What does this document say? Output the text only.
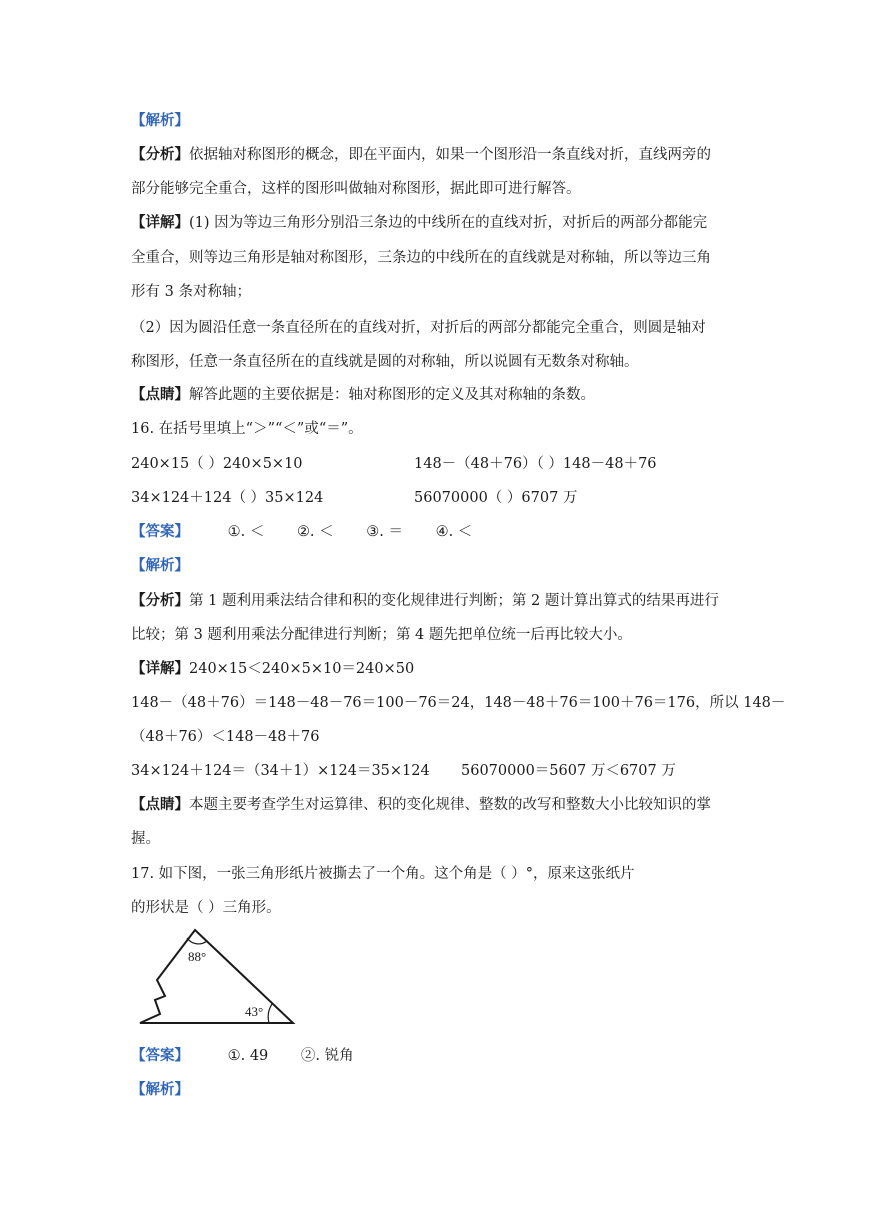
【解析】
【分析】依据轴对称图形的概念，即在平面内，如果一个图形沿一条直线对折，直线两旁的
部分能够完全重合，这样的图形叫做轴对称图形，据此即可进行解答。
【详解】(1) 因为等边三角形分别沿三条边的中线所在的直线对折，对折后的两部分都能完
全重合，则等边三角形是轴对称图形，三条边的中线所在的直线就是对称轴，所以等边三角
形有 3 条对称轴；
（2）因为圆沿任意一条直径所在的直线对折，对折后的两部分都能完全重合，则圆是轴对
称图形，任意一条直径所在的直线就是圆的对称轴，所以说圆有无数条对称轴。
【点睛】解答此题的主要依据是：轴对称图形的定义及其对称轴的条数。
16. 在括号里填上“＞”“＜”或“＝”。
240×15（ ）240×5×10	148－（48＋76）（ ）148－48＋76
34×124＋124（ ）35×124	56070000（ ）6707 万
【答案】	①. ＜ ②. ＜ ③. ＝ ④. ＜
【解析】
【分析】第 1 题利用乘法结合律和积的变化规律进行判断；第 2 题计算出算式的结果再进行
比较；第 3 题利用乘法分配律进行判断；第 4 题先把单位统一后再比较大小。
【详解】240×15＜240×5×10＝240×50
148－（48＋76）＝148－48－76＝100－76＝24，148－48＋76＝100＋76＝176，所以 148－
（48＋76）＜148－48＋76
34×124＋124＝（34＋1）×124＝35×124 56070000＝5607 万＜6707 万
【点睛】本题主要考查学生对运算律、积的变化规律、整数的改写和整数大小比较知识的掌
握。
17. 如下图，一张三角形纸片被撕去了一个角。这个角是（ ）°，原来这张纸片
的形状是（ ）三角形。
88°
43°
【答案】	①. 49 ②. 锐角
【解析】
